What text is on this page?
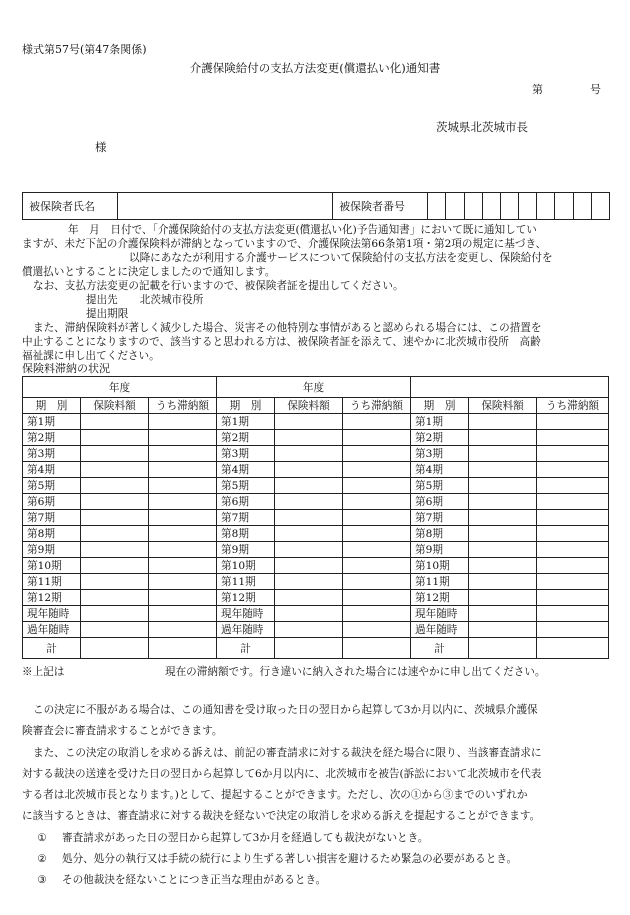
様式第57号(第47条関係)
介護保険給付の支払方法変更(償還払い化)通知書
第	号
茨城県北茨城市長
様
被保険者氏名		被保険者番号										
年　月　日付で、「介護保険給付の支払方法変更(償還払い化)予告通知書」において既に通知してい
ますが、未だ下記の介護保険料が滞納となっていますので、介護保険法第66条第1項・第2項の規定に基づき、
以降にあなたが利用する介護サービスについて保険給付の支払方法を変更し、保険給付を
償還払いとすることに決定しましたので通知します。
なお、支払方法変更の記載を行いますので、被保険者証を提出してください。
提出先 北茨城市役所
提出期限
また、滞納保険料が著しく減少した場合、災害その他特別な事情があると認められる場合には、この措置を
中止することになりますので、該当すると思われる方は、被保険者証を添えて、速やかに北茨城市役所　高齢
福祉課に申し出てください。
保険料滞納の状況
年度			年度					
期　別	保険料額	うち滞納額	期　別	保険料額	うち滞納額	期　別	保険料額	うち滞納額
第1期			第1期			第1期		
第2期			第2期			第2期		
第3期			第3期			第3期		
第4期			第4期			第4期		
第5期			第5期			第5期		
第6期			第6期			第6期		
第7期			第7期			第7期		
第8期			第8期			第8期		
第9期			第9期			第9期		
第10期			第10期			第10期		
第11期			第11期			第11期		
第12期			第12期			第12期		
現年随時			現年随時			現年随時		
過年随時			過年随時			過年随時		
計			計			計		
※上記は	現在の滞納額です。行き違いに納入された場合には速やかに申し出てください。
この決定に不服がある場合は、この通知書を受け取った日の翌日から起算して3か月以内に、茨城県介護保
険審査会に審査請求することができます。
また、この決定の取消しを求める訴えは、前記の審査請求に対する裁決を経た場合に限り、当該審査請求に
対する裁決の送達を受けた日の翌日から起算して6か月以内に、北茨城市を被告(訴訟において北茨城市を代表
する者は北茨城市長となります。)として、提起することができます。ただし、次の①から③までのいずれか
に該当するときは、審査請求に対する裁決を経ないで決定の取消しを求める訴えを提起することができます。
① 審査請求があった日の翌日から起算して3か月を経過しても裁決がないとき。
② 処分、処分の執行又は手続の続行により生ずる著しい損害を避けるため緊急の必要があるとき。
③ その他裁決を経ないことにつき正当な理由があるとき。
